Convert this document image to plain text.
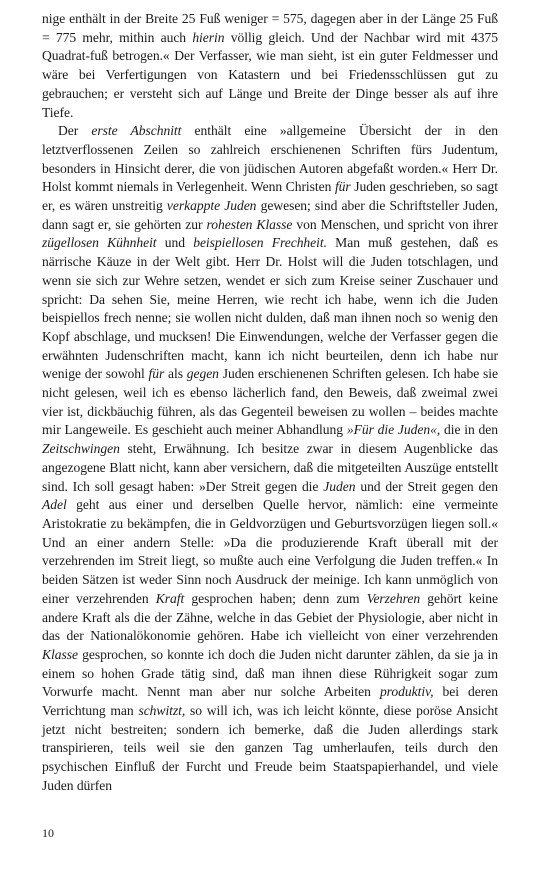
nige enthält in der Breite 25 Fuß weniger = 575, dagegen aber in der Länge 25 Fuß = 775 mehr, mithin auch hierin völlig gleich. Und der Nachbar wird mit 4375 Quadrat-fuß betrogen.« Der Verfasser, wie man sieht, ist ein guter Feldmesser und wäre bei Verfertigungen von Katastern und bei Friedensschlüssen gut zu gebrauchen; er versteht sich auf Länge und Breite der Dinge besser als auf ihre Tiefe.

Der erste Abschnitt enthält eine »allgemeine Übersicht der in den letztverflossenen Zeilen so zahlreich erschienenen Schriften fürs Judentum, besonders in Hinsicht derer, die von jüdischen Autoren abgefaßt worden.« Herr Dr. Holst kommt niemals in Verlegenheit. Wenn Christen für Juden geschrieben, so sagt er, es wären unstreitig verkappte Juden gewesen; sind aber die Schriftsteller Juden, dann sagt er, sie gehörten zur rohesten Klasse von Menschen, und spricht von ihrer zügellosen Kühnheit und beispiellosen Frechheit. Man muß gestehen, daß es närrische Käuze in der Welt gibt. Herr Dr. Holst will die Juden totschlagen, und wenn sie sich zur Wehre setzen, wendet er sich zum Kreise seiner Zuschauer und spricht: Da sehen Sie, meine Herren, wie recht ich habe, wenn ich die Juden beispiellos frech nenne; sie wollen nicht dulden, daß man ihnen noch so wenig den Kopf abschlage, und mucksen! Die Einwendungen, welche der Verfasser gegen die erwähnten Judenschriften macht, kann ich nicht beurteilen, denn ich habe nur wenige der sowohl für als gegen Juden erschienenen Schriften gelesen. Ich habe sie nicht gelesen, weil ich es ebenso lächerlich fand, den Beweis, daß zweimal zwei vier ist, dickbäuchig führen, als das Gegenteil beweisen zu wollen – beides machte mir Langeweile. Es geschieht auch meiner Abhandlung »Für die Juden«, die in den Zeitschwingen steht, Erwähnung. Ich besitze zwar in diesem Augenblicke das angezogene Blatt nicht, kann aber versichern, daß die mitgeteilten Auszüge entstellt sind. Ich soll gesagt haben: »Der Streit gegen die Juden und der Streit gegen den Adel geht aus einer und derselben Quelle hervor, nämlich: eine vermeinte Aristokratie zu bekämpfen, die in Geldvorzügen und Geburtsvorzügen liegen soll.« Und an einer andern Stelle: »Da die produzierende Kraft überall mit der verzehrenden im Streit liegt, so mußte auch eine Verfolgung die Juden treffen.« In beiden Sätzen ist weder Sinn noch Ausdruck der meinige. Ich kann unmöglich von einer verzehrenden Kraft gesprochen haben; denn zum Verzehren gehört keine andere Kraft als die der Zähne, welche in das Gebiet der Physiologie, aber nicht in das der Nationalökonomie gehören. Habe ich vielleicht von einer verzehrenden Klasse gesprochen, so konnte ich doch die Juden nicht darunter zählen, da sie ja in einem so hohen Grade tätig sind, daß man ihnen diese Rührigkeit sogar zum Vorwurfe macht. Nennt man aber nur solche Arbeiten produktiv, bei deren Verrichtung man schwitzt, so will ich, was ich leicht könnte, diese poröse Ansicht jetzt nicht bestreiten; sondern ich bemerke, daß die Juden allerdings stark transpirieren, teils weil sie den ganzen Tag umherlaufen, teils durch den psychischen Einfluß der Furcht und Freude beim Staatspapierhandel, und viele Juden dürfen

10
